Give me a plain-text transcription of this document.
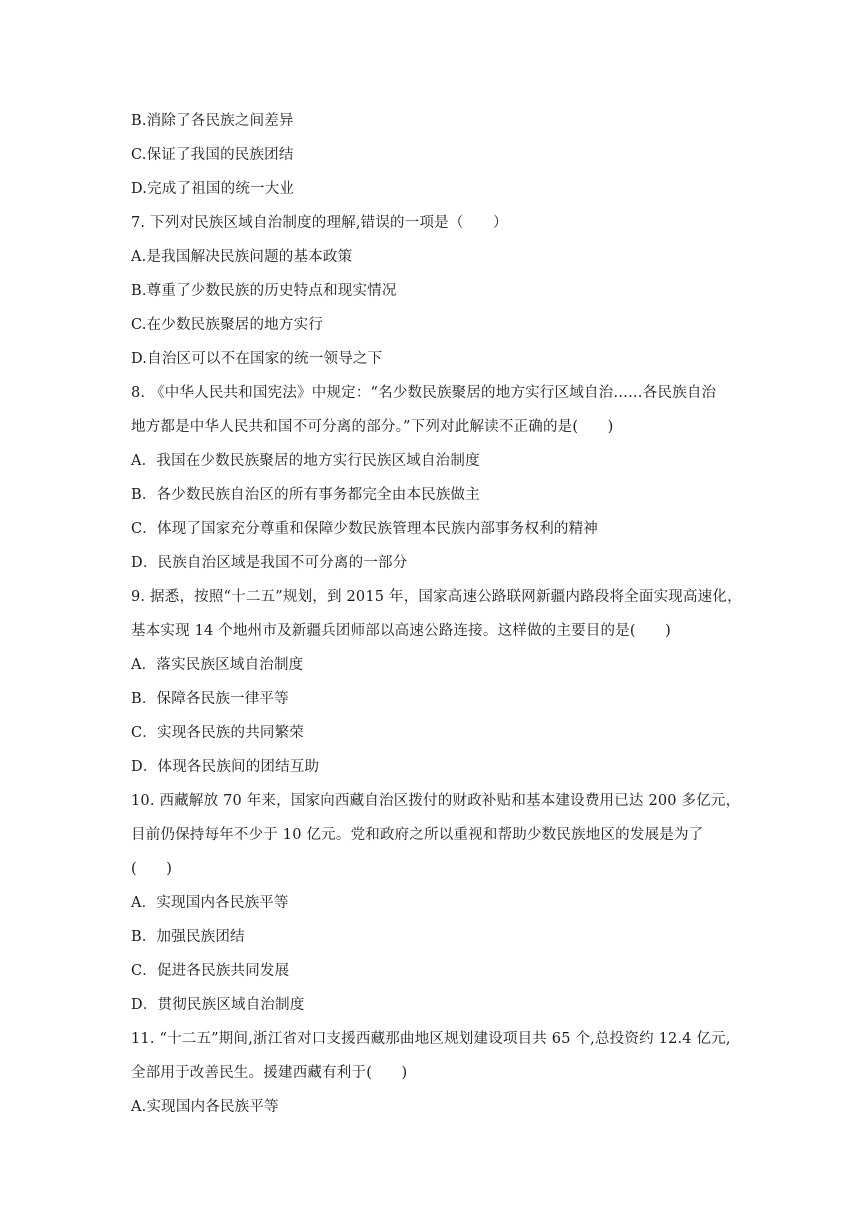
B.消除了各民族之间差异
C.保证了我国的民族团结
D.完成了祖国的统一大业
7. 下列对民族区域自治制度的理解,错误的一项是（　　）
A.是我国解决民族问题的基本政策
B.尊重了少数民族的历史特点和现实情况
C.在少数民族聚居的地方实行
D.自治区可以不在国家的统一领导之下
8. 《中华人民共和国宪法》中规定：“名少数民族聚居的地方实行区域自治……各民族自治
地方都是中华人民共和国不可分离的部分。”下列对此解读不正确的是(　　)
A．我国在少数民族聚居的地方实行民族区域自治制度
B．各少数民族自治区的所有事务都完全由本民族做主
C．体现了国家充分尊重和保障少数民族管理本民族内部事务权利的精神
D．民族自治区域是我国不可分离的一部分
9. 据悉，按照“十二五”规划，到 2015 年，国家高速公路联网新疆内路段将全面实现高速化，
基本实现 14 个地州市及新疆兵团师部以高速公路连接。这样做的主要目的是(　　)
A．落实民族区域自治制度
B．保障各民族一律平等
C．实现各民族的共同繁荣
D．体现各民族间的团结互助
10. 西藏解放 70 年来，国家向西藏自治区拨付的财政补贴和基本建设费用已达 200 多亿元，
目前仍保持每年不少于 10 亿元。党和政府之所以重视和帮助少数民族地区的发展是为了
(　　)
A．实现国内各民族平等
B．加强民族团结
C．促进各民族共同发展
D．贯彻民族区域自治制度
11. “十二五”期间,浙江省对口支援西藏那曲地区规划建设项目共 65 个,总投资约 12.4 亿元,
全部用于改善民生。援建西藏有利于(　　)
A.实现国内各民族平等
